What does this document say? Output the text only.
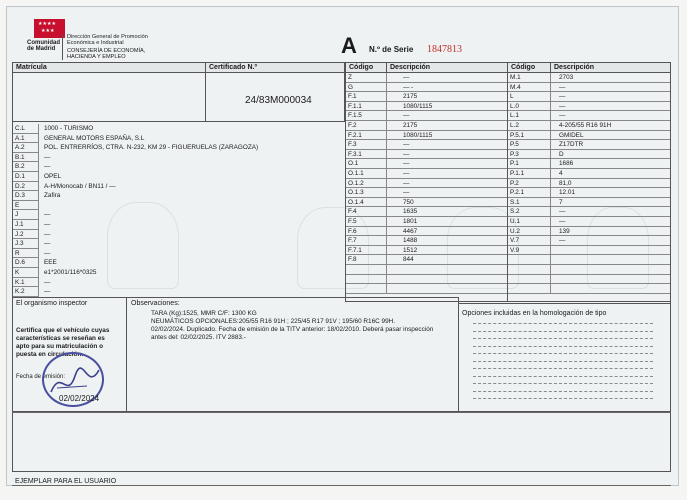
★★★★
★★★
Comunidad
de Madrid
Dirección General de Promoción
Económica e Industrial
CONSEJERÍA DE ECONOMÍA,
HACIENDA Y EMPLEO	A N.º de Serie 1847813
Matrícula	Certificado N.º
24/83M000034
C.L	1000 - TURISMO
A.1	GENERAL MOTORS ESPAÑA, S.L
A.2	POL. ENTRERRÍOS, CTRA. N-232, KM 29 - FIGUERUELAS (ZARAGOZA)
B.1	—
B.2	—
D.1	OPEL
D.2	A-H/Monocab / BN11 / —
D.3	Zafira
E
J	—
J.1	—
J.2	—
J.3	—
R	—
D.6	EEE
K	e1*2001/116*0325
K.1	—
K.2	—
Código	Descripción
Z	—
G	— -
F.1	2175
F.1.1	1080/1115
F.1.5	—
F.2	2175
F.2.1	1080/1115
F.3	—
F.3.1	—
O.1	—
O.1.1	—
O.1.2	—
O.1.3	—
O.1.4	750
F.4	1635
F.5	1801
F.6	4467
F.7	1488
F.7.1	1512
F.8	844
Código	Descripción
M.1	2703
M.4	—
L	—
L.0	—
L.1	—
L.2	4-205/55 R16 91H
P.5.1	GMIDEL
P.5	Z17DTR
P.3	D
P.1	1686
P.1.1	4
P.2	81,0
P.2.1	12.01
S.1	7
S.2	—
U.1	—
U.2	139
V.7	—
V.9
El organismo inspector
Certifica que el vehículo cuyas
características se reseñan es
apto para su matriculación o
puesta en circulación.
Fecha de emisión:
02/02/2024
Observaciones:
TARA (Kg):1525, MMR C/F: 1300 KG
NEUMÁTICOS OPCIONALES:205/55 R16 91H ; 225/45 R17 91V ; 195/60 R16C 99H.
02/02/2024. Duplicado. Fecha de emisión de la TITV anterior: 18/02/2010. Deberá pasar inspección
antes del: 02/02/2025. ITV 2883.-
Opciones incluidas en la homologación de tipo
EJEMPLAR PARA EL USUARIO
